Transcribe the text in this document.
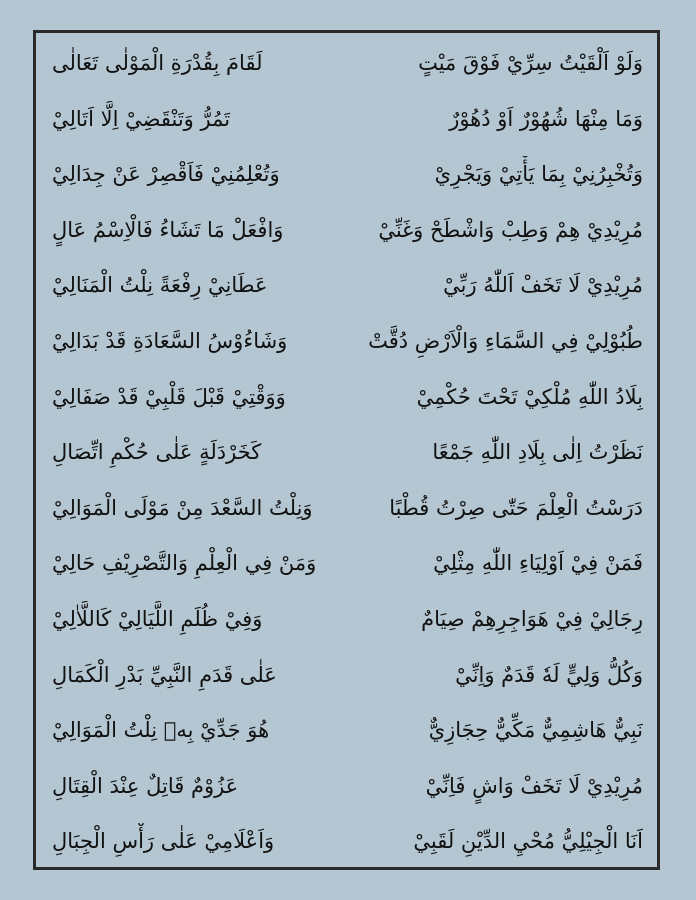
وَلَوْ اَلْقَيْتُ سِرِّيْ فَوْقَ مَيْتٍ
لَقَامَ بِقُدْرَةِ الْمَوْلٰى تَعَالٰى
وَمَا مِنْهَا شُهُوْرٌ اَوْ دُهُوْرٌ
تَمُرُّ وَتَنْقَضِيْ اِلَّا اَتَالِيْ
وَتُخْبِرُنِيْ بِمَا يَأْتِيْ وَيَجْرِيْ
وَتُعْلِمُنِيْ فَاَقْصِرْ عَنْ جِدَالِيْ
مُرِيْدِيْ هِمْ وَطِبْ وَاشْطَحْ وَغَنِّيْ
وَافْعَلْ مَا تَشَاءُ فَالْاِسْمُ عَالٍ
مُرِيْدِيْ لَا تَخَفْ اَللّٰهُ رَبِّيْ
عَطَانِيْ رِفْعَةً نِلْتُ الْمَنَالِيْ
طُبُوْلِيْ فِي السَّمَاءِ وَالْاَرْضِ دُقَّتْ
وَشَاءُوْسُ السَّعَادَةِ قَدْ بَدَالِيْ
بِلَادُ اللّٰهِ مُلْكِيْ تَحْتَ حُكْمِيْ
وَوَقْتِيْ قَبْلَ قَلْبِيْ قَدْ صَفَالِيْ
نَظَرْتُ اِلٰى بِلَادِ اللّٰهِ جَمْعًا
كَخَرْدَلَةٍ عَلٰى حُكْمِ اتِّصَالِ
دَرَسْتُ الْعِلْمَ حَتّٰى صِرْتُ قُطْبًا
وَنِلْتُ السَّعْدَ مِنْ مَوْلَى الْمَوَالِيْ
فَمَنْ فِيْ اَوْلِيَاءِ اللّٰهِ مِثْلِيْ
وَمَنْ فِي الْعِلْمِ وَالتَّصْرِيْفِ حَالِيْ
رِجَالِيْ فِيْ هَوَاجِرِهِمْ صِيَامٌ
وَفِيْ ظُلَمِ اللَّيَالِيْ كَاللَّاٰلِيْ
وَكُلُّ وَلِيٍّ لَهٗ قَدَمٌ وَاِنِّيْ
عَلٰى قَدَمِ النَّبِيِّ بَدْرِ الْكَمَالِ
نَبِيٌّ هَاشِمِيٌّ مَكِّيٌّ حِجَازِيٌّ
هُوَ جَدِّيْ بِهٖ نِلْتُ الْمَوَالِيْ
مُرِيْدِيْ لَا تَخَفْ وَاشٍ فَاِنِّيْ
عَزُوْمٌ قَاتِلٌ عِنْدَ الْقِتَالِ
اَنَا الْجِيْلِيُّ مُحْيِ الدِّيْنِ لَقَبِيْ
وَاَعْلَامِيْ عَلٰى رَأْسِ الْجِبَالِ
